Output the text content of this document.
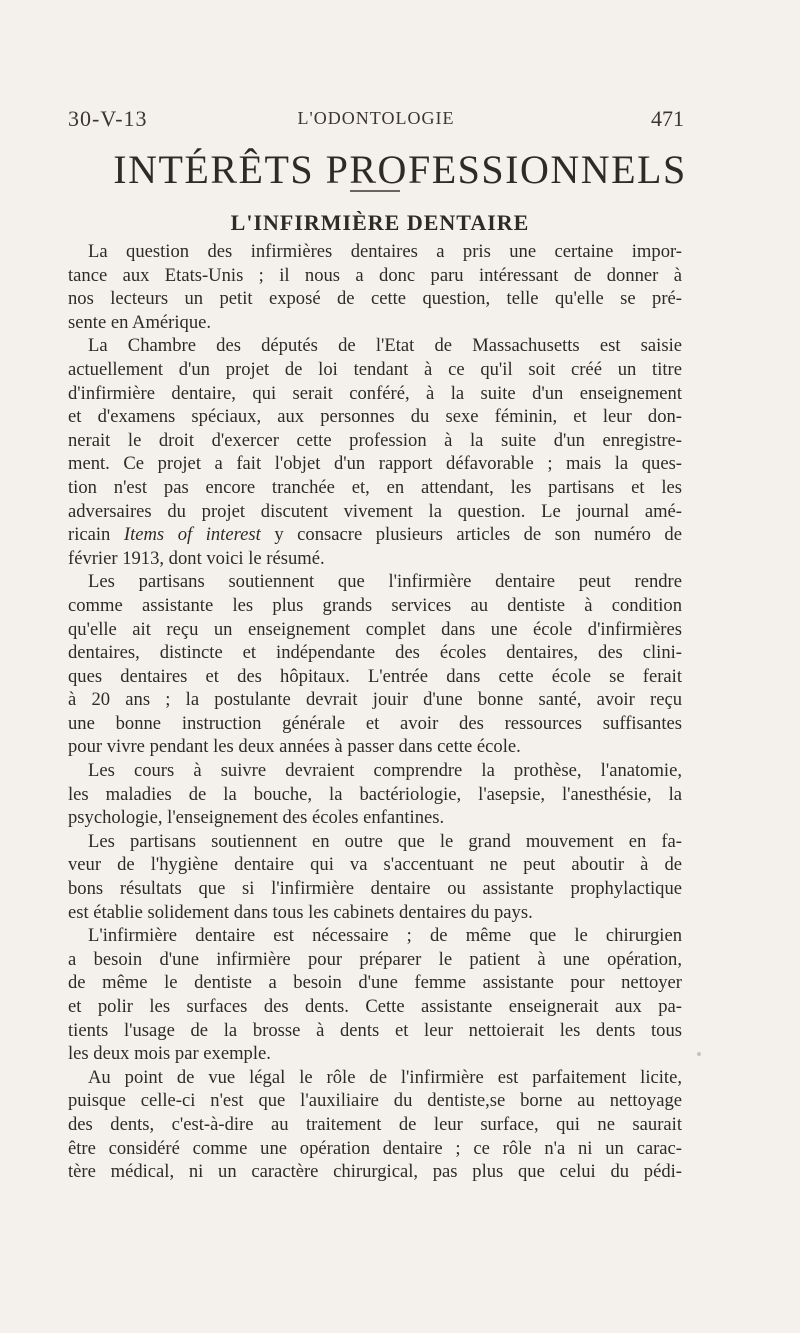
30-V-13	L'ODONTOLOGIE	471
INTÉRÊTS PROFESSIONNELS
L'INFIRMIÈRE DENTAIRE
La question des infirmières dentaires a pris une certaine impor-
tance aux Etats-Unis ; il nous a donc paru intéressant de donner à
nos lecteurs un petit exposé de cette question, telle qu'elle se pré-
sente en Amérique.
La Chambre des députés de l'Etat de Massachusetts est saisie
actuellement d'un projet de loi tendant à ce qu'il soit créé un titre
d'infirmière dentaire, qui serait conféré, à la suite d'un enseignement
et d'examens spéciaux, aux personnes du sexe féminin, et leur don-
nerait le droit d'exercer cette profession à la suite d'un enregistre-
ment. Ce projet a fait l'objet d'un rapport défavorable ; mais la ques-
tion n'est pas encore tranchée et, en attendant, les partisans et les
adversaires du projet discutent vivement la question. Le journal amé-
ricain Items of interest y consacre plusieurs articles de son numéro de
février 1913, dont voici le résumé.
Les partisans soutiennent que l'infirmière dentaire peut rendre
comme assistante les plus grands services au dentiste à condition
qu'elle ait reçu un enseignement complet dans une école d'infirmières
dentaires, distincte et indépendante des écoles dentaires, des clini-
ques dentaires et des hôpitaux. L'entrée dans cette école se ferait
à 20 ans ; la postulante devrait jouir d'une bonne santé, avoir reçu
une bonne instruction générale et avoir des ressources suffisantes
pour vivre pendant les deux années à passer dans cette école.
Les cours à suivre devraient comprendre la prothèse, l'anatomie,
les maladies de la bouche, la bactériologie, l'asepsie, l'anesthésie, la
psychologie, l'enseignement des écoles enfantines.
Les partisans soutiennent en outre que le grand mouvement en fa-
veur de l'hygiène dentaire qui va s'accentuant ne peut aboutir à de
bons résultats que si l'infirmière dentaire ou assistante prophylactique
est établie solidement dans tous les cabinets dentaires du pays.
L'infirmière dentaire est nécessaire ; de même que le chirurgien
a besoin d'une infirmière pour préparer le patient à une opération,
de même le dentiste a besoin d'une femme assistante pour nettoyer
et polir les surfaces des dents. Cette assistante enseignerait aux pa-
tients l'usage de la brosse à dents et leur nettoierait les dents tous
les deux mois par exemple.
Au point de vue légal le rôle de l'infirmière est parfaitement licite,
puisque celle-ci n'est que l'auxiliaire du dentiste,se borne au nettoyage
des dents, c'est-à-dire au traitement de leur surface, qui ne saurait
être considéré comme une opération dentaire ; ce rôle n'a ni un carac-
tère médical, ni un caractère chirurgical, pas plus que celui du pédi-
